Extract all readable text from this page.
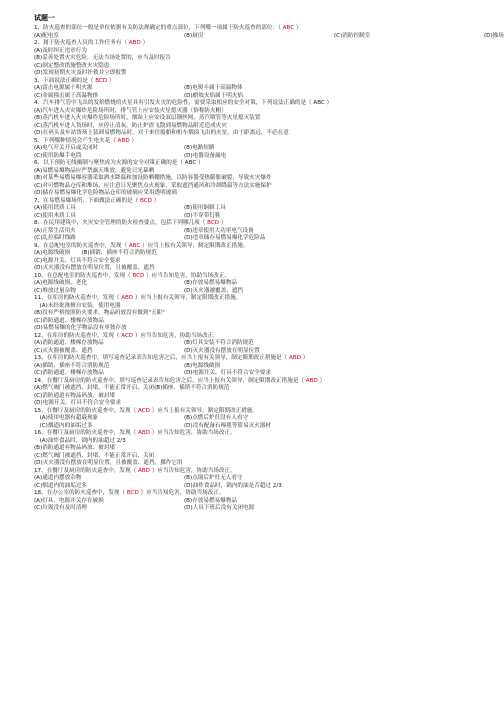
试题一
1、防火巡查的部位一般是单位依据有关防法规确定的重点部位，下列哪一项属于防火巡查的部位：（ ABC ）
(A)配电室	(B)厨房	(C)消防控制室	(D)操场
2、属于防火巡查人员的工作任务有（ ABD ）
(A)及时纠正违章行为
(B)妥善处置火灾危险，无法当场处置的，应当及时报告
(C)制定整改措施整改火灾隐患
(D)发现初期火灾及时扑救并立即报警
3、下面说法正确的是（ BCD ）
(A)雷击电源属于明火源	(B)电熨斗属于高温物体
(C)金属撞击属于高温物体	(D)蜡烛火焰属于明火焰
4、汽车排气管中飞出的发焰燃烧的火星具有引发火灾的危险性，需要采取相应的安全对策，下列说法正确的是（ ABC ）
(A)汽车进入火灾爆炸危险场所时，排气管上应安装火星熄灭器（俗称防火帽）
(B)蒸汽机车进入火灾爆炸危险场所时，烟囱上应安设双层钢丝网、蒸汽喷管等火星熄灭装置
(C)蒸汽机车进入货场时，应停止清灰、防止炉渣飞散到易燃物品附近造成火灾
(D)在码头及车站货场上装卸易燃物品时，对于来往船舶和机车烟囱飞出的火星，由于距离远，不必在意
5、下列哪种情况会产生电火花（ ABD ）
(A)电气开关开启或关闭时	(B)电路短路
(C)使用防爆手电筒	(D)电器设备漏电
6、以下预防无线摄制与聚焦成为火源的安全对策正确的是（ ABC ）
(A)易燃易爆物品应严禁露天堆放，避免日光暴晒
(B)对某些易燃易爆容器采取洒水降温和加设防晒棚措施，以防容器受热膨胀破裂，导致火灾爆炸
(C)对可燃物品仓库和堆场，应注意日光聚焦点火现象，采取遮挡通风和冷却降温等方法实施保护
(D)储存易燃易爆化学危险物品仓库的玻璃应采用透明玻璃
7、在易燃易爆场所，下面做法正确的是（ BCD ）
(A)使用铁质工具	(B)使用铜制工具
(C)使用木质工具	(D)不穿带钉鞋
8、在民用建筑中，火灾安全管理的防火检查要点，包括下列哪几项（ BCD ）
(A)正常生活用火	(B)违章使用大功率电气设备
(C)乱拉临时线路	(D)违章储存易燃易爆化学危险品
9、在总配电室的防火巡查中，发现（ ABC ）应当上报有关领导，制定限期改正措施。
(A)电源线破损　　(B)插销、插座不符合消防规范
(C)电源开关、灯具不符合安全要求
(D)灭火器没有摆放在明显位置，且被覆盖、遮挡
10、在总配电室的防火巡查中，发现（ BCD ）应当告知危害，协助当场改正。
(A)电源线破损、老化	(B)存放易燃易爆物品
(C)堆放过量杂物	(D)灭火器被覆盖、遮挡
11、在库房的防火巡查中，发现（ ABD ）应当上报有关领导，制定限期改正措施。
　(A)未经批准擅自安装、使用电器
(B)没有严格按照防火要求，物品码放没有做到"五距"
(C)消防通道、楼梯存放物品
(D)易燃易爆的化学物品没有单独存放
12、在库房的防火巡查中，发现（ ACD ）应当告知危害，协助当场改正。
(A)消防通道、楼梯存放物品	(B)灯具安装不符合消防规范
(C)灭火器被覆盖、遮挡	(D)灭火器没有摆放在明显位置
13、在库房的防火巡查中，填写巡查记录表告知危害之后，应当上报有关领导，制定限期改正措施是（ ABD ）
(A)插销、插座不符合消防规范	(B)电源线破损
(C)消防通道、楼梯存放物品	(D)电源开关、灯具不符合安全要求
14、在餐厅及厨房的防火巡查中，填写巡查记录表告知危害之后，应当上报有关领导，制定限期改正措施是（ ABD ）
(A)燃气阀门被遮挡、封堵，不能正常开启、关闭(B)插座、插销不符合消防规范
(C)消防通道有物品码放、被封堵
(D)电源开关、灯具不符合安全要求
15、在餐厅及厨房的防火巡查中，发现（ ACD ）应当上报有关领导，制定限期改正措施。
　(A)使用电器有超载现象	(B)点燃后炉灶没有人看守
　(C)烟道内的油垢过多	(D)没有配备石棉毯等简易灭火器材
16、在餐厅及厨房的防火巡查中，发现（ ABD ）应当告知危害，协助当场改正。
　(A)油炸食品时，锅内的油超过 2/3
(B)消防通道有物品码放、被封堵
(C)燃气阀门被遮挡、封堵，不能正常开启、关闭
(D)灭火器没有摆放在明显位置，且被覆盖、遮挡，挪作它用
17、在餐厅及厨房的防火巡查中，发现（ ABD ）应当告知危害，协助当场改正。
(A)通道内摆放杂物	(B)点锅后炉灶无人看守
(C)烟道内的油垢过多	(D)油炸食品时，锅内的油是否超过 2/3
18、在办公室的防火巡查中，发现（ BCD ）应当告知危害，协助当场改正。
(A)灯具、电源开关存在破损	(B)存放易燃易爆物品
(C)垃圾没有及时清理	(D)人员下班后没有关闭电源
